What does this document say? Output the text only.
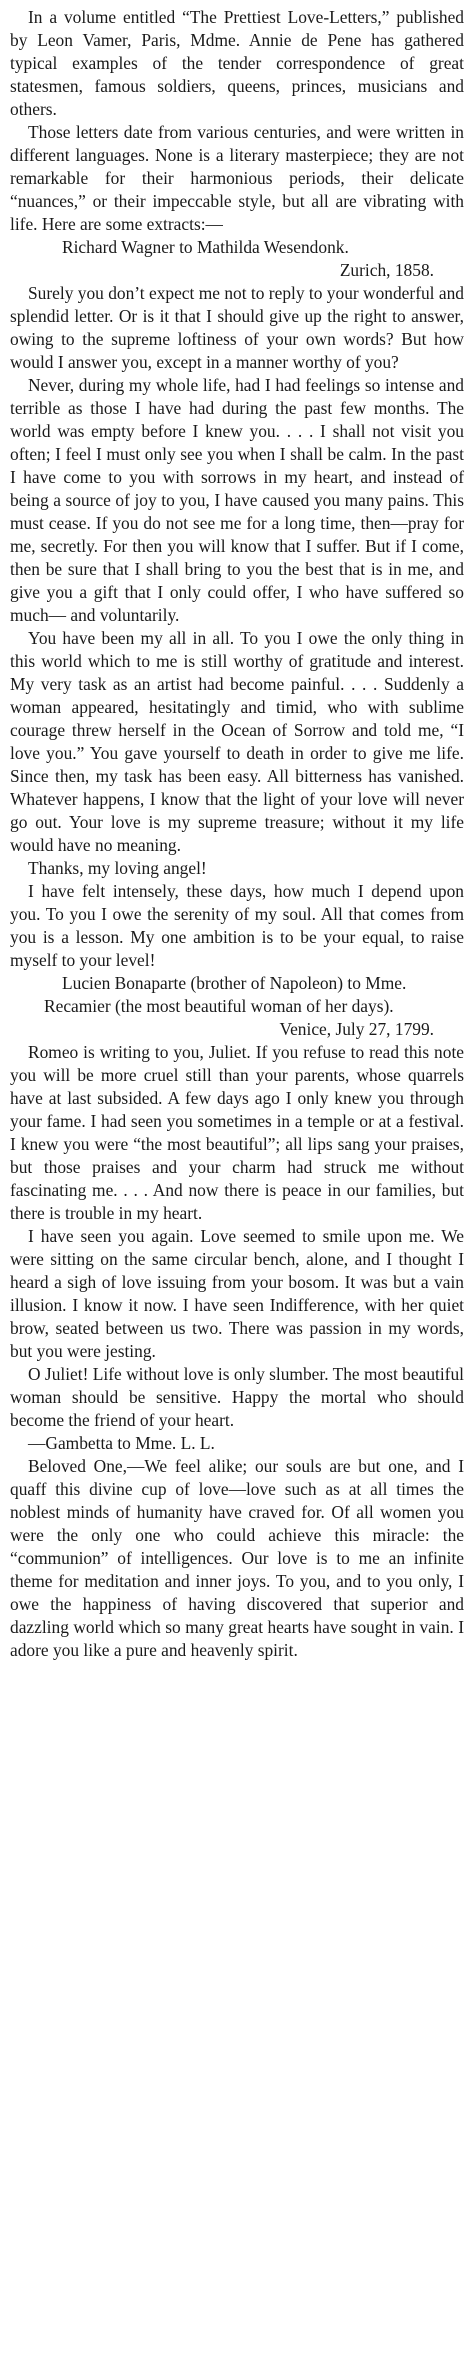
In a volume entitled “The Prettiest Love-Letters,” published by Leon Vamer, Paris, Mdme. Annie de Pene has gathered typical examples of the tender correspondence of great statesmen, famous soldiers, queens, princes, musicians and others.

Those letters date from various centuries, and were written in different languages. None is a literary masterpiece; they are not remarkable for their harmonious periods, their delicate “nuances,” or their impeccable style, but all are vibrating with life. Here are some extracts:—

Richard Wagner to Mathilda Wesendonk.

Zurich, 1858.

Surely you don’t expect me not to reply to your wonderful and splendid letter. Or is it that I should give up the right to answer, owing to the supreme loftiness of your own words? But how would I answer you, except in a manner worthy of you?

Never, during my whole life, had I had feelings so intense and terrible as those I have had during the past few months. The world was empty before I knew you. . . . I shall not visit you often; I feel I must only see you when I shall be calm. In the past I have come to you with sorrows in my heart, and instead of being a source of joy to you, I have caused you many pains. This must cease. If you do not see me for a long time, then—pray for me, secretly. For then you will know that I suffer. But if I come, then be sure that I shall bring to you the best that is in me, and give you a gift that I only could offer, I who have suffered so much— and voluntarily.

You have been my all in all. To you I owe the only thing in this world which to me is still worthy of gratitude and interest. My very task as an artist had become painful. . . . Suddenly a woman appeared, hesitatingly and timid, who with sublime courage threw herself in the Ocean of Sorrow and told me, “I love you.” You gave yourself to death in order to give me life. Since then, my task has been easy. All bitterness has vanished. Whatever happens, I know that the light of your love will never go out. Your love is my supreme treasure; without it my life would have no meaning.

Thanks, my loving angel!

I have felt intensely, these days, how much I depend upon you. To you I owe the serenity of my soul. All that comes from you is a lesson. My one ambition is to be your equal, to raise myself to your level!

Lucien Bonaparte (brother of Napoleon) to Mme. Recamier (the most beautiful woman of her days).

Venice, July 27, 1799.

Romeo is writing to you, Juliet. If you refuse to read this note you will be more cruel still than your parents, whose quarrels have at last subsided. A few days ago I only knew you through your fame. I had seen you sometimes in a temple or at a festival. I knew you were “the most beautiful”; all lips sang your praises, but those praises and your charm had struck me without fascinating me. . . . And now there is peace in our families, but there is trouble in my heart.

I have seen you again. Love seemed to smile upon me. We were sitting on the same circular bench, alone, and I thought I heard a sigh of love issuing from your bosom. It was but a vain illusion. I know it now. I have seen Indifference, with her quiet brow, seated between us two. There was passion in my words, but you were jesting.

O Juliet! Life without love is only slumber. The most beautiful woman should be sensitive. Happy the mortal who should become the friend of your heart.

—Gambetta to Mme. L. L.

Beloved One,—We feel alike; our souls are but one, and I quaff this divine cup of love—love such as at all times the noblest minds of humanity have craved for. Of all women you were the only one who could achieve this miracle: the “communion” of intelligences. Our love is to me an infinite theme for meditation and inner joys. To you, and to you only, I owe the happiness of having discovered that superior and dazzling world which so many great hearts have sought in vain. I adore you like a pure and heavenly spirit.
